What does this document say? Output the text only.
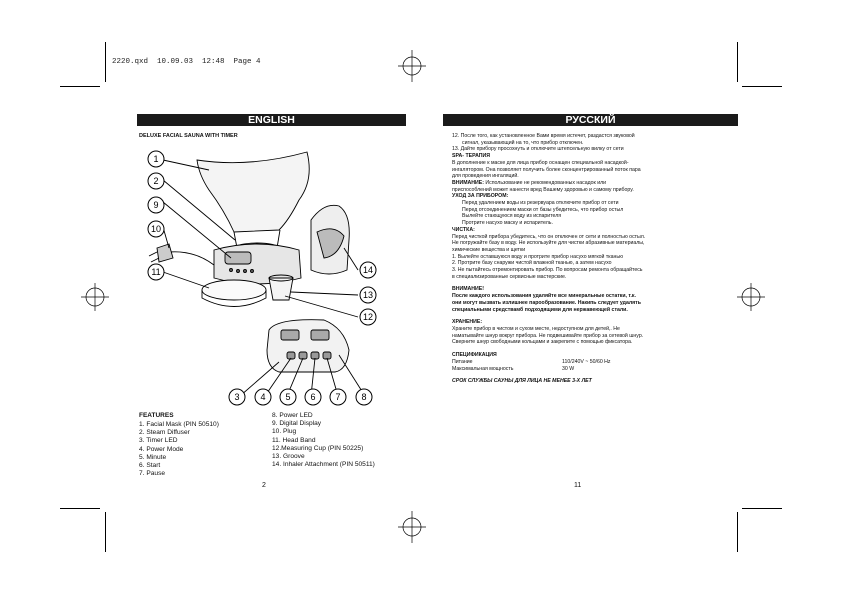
2220.qxd  10.09.03  12:48  Page 4
ENGLISH
DELUXE FACIAL SAUNA WITH TIMER
1
2
9
10
11	14
13
12
3 4 5 6 7 8
FEATURES
1. Facial Mask (PIN 50510)
2. Steam Diffuser
3. Timer LED
4. Power Mode
5. Minute
6. Start
7. Pause
8. Power LED
9. Digital Display
10. Plug
11. Head Band
12.Measuring Cup (PIN 50225)
13. Groove
14. Inhaler Attachment (PIN 50511)
2
РУССКИЙ
12. После того, как установленное Вами время истечет, раздастся звуковой
сигнал, указывающий на то, что прибор отключен.
13. Дайте прибору просохнуть и отключите штепсельную вилку от сети
SPA- ТЕРАПИЯ
В дополнение к маске для лица прибор оснащен специальной насадкой-
ингалятором. Она позволяет получить более сконцентрированный поток пара
для проведения ингаляций.
ВНИМАНИЕ: Использование не рекомендованных насадок или
приспособлений может нанести вред Вашему здоровью и самому прибору.
УХОД ЗА ПРИБОРОМ:
Перед удалением воды из резервуара отключите прибор от сети
Перед отсоединением маски от базы убедитесь, что прибор остыл
Вылейте стающуюся воду из испарителя
Протрите насухо маску и испаритель.
ЧИСТКА:
Перед чисткой прибора убедитесь, что он отключен от сети и полностью остыл.
Не погружайте базу в воду. Не используйте для чистки абразивные материалы,
химические вещества и щетки
1. Вылейте оставшуюся воду и протрите прибор насухо мягкой тканью
2. Протрите базу снаружи чистой влажной тканью, а затем насухо
3. Не пытайтесь отремонтировать прибор. По вопросам ремонта обращайтесь
в специализированные сервисные мастерские.
ВНИМАНИЕ!
После каждого использования удаляйте все минеральные остатки, т.к.
они могут вызвать излишнее парообразование. Накипь следует удалять
специальными средствамб подходящими для нержавеющей стали.
ХРАНЕНИЕ:
Храните прибор в чистом и сухом месте, недоступном для детей,. Не
наматывайте шнур вокруг прибора. Не подвешивайте прибор за сетевой шнур.
Сверните шнур свободными кольцами и закрепите с помощью фиксатора.
СПЕЦИФИКАЦИЯ
Питание	110/240V ~ 50/60 Hz
Максимальная мощность	30 W
СРОК СЛУЖБЫ САУНЫ ДЛЯ ЛИЦА НЕ МЕНЕЕ 3-Х ЛЕТ
11
